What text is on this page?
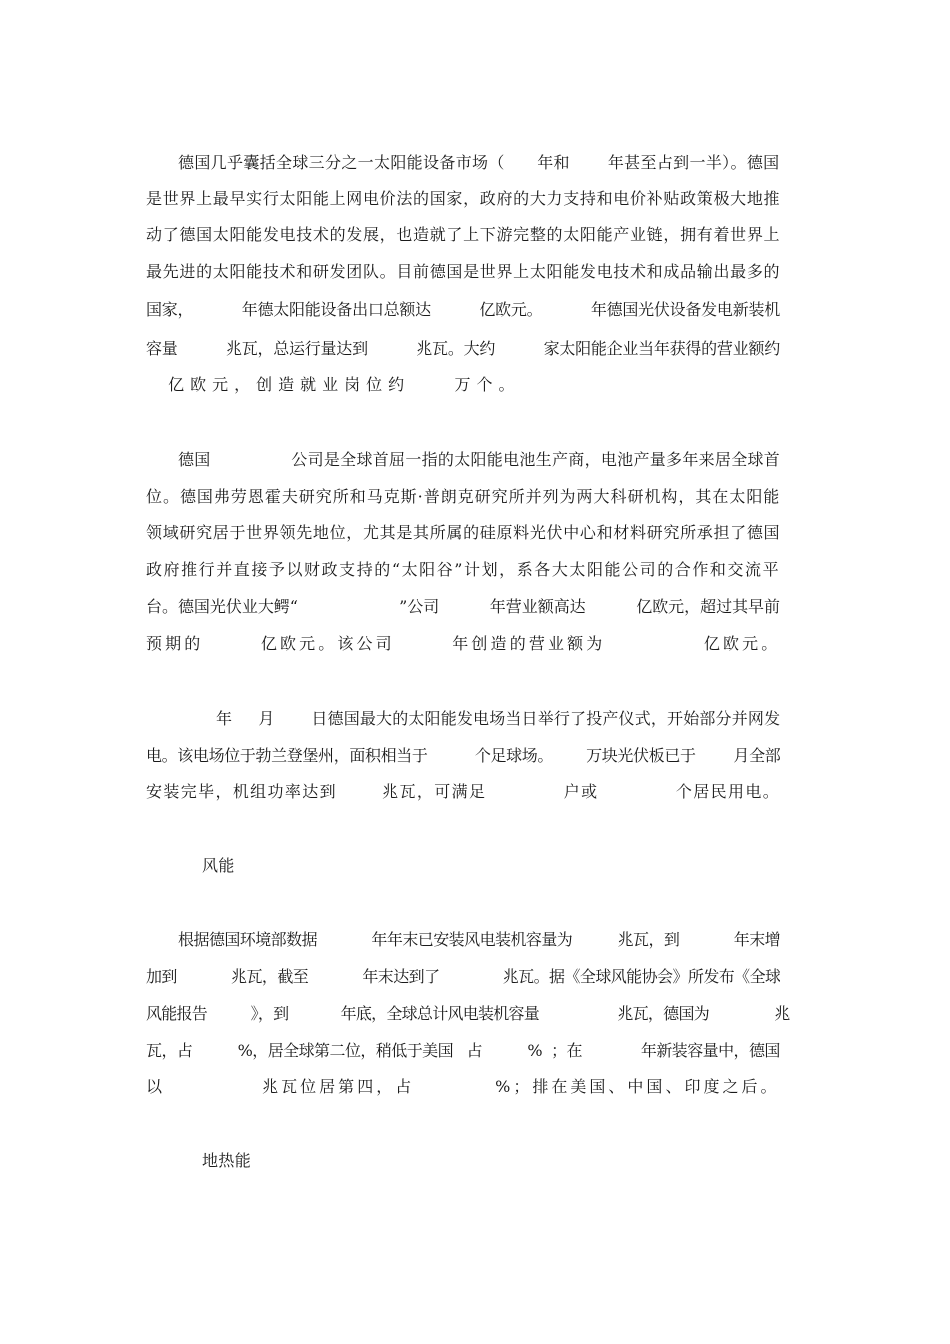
德国几乎囊括全球三分之一太阳能设备市场（      年和       年甚至占到一半）。德国
是世界上最早实行太阳能上网电价法的国家，政府的大力支持和电价补贴政策极大地推
动了德国太阳能发电技术的发展，也造就了上下游完整的太阳能产业链，拥有着世界上
最先进的太阳能技术和研发团队。目前德国是世界上太阳能发电技术和成品输出最多的
国家，          年德太阳能设备出口总额达          亿欧元。          年德国光伏设备发电新装机
容量          兆瓦，总运行量达到          兆瓦。大约          家太阳能企业当年获得的营业额约
亿欧元，创造就业岗位约    万个。
德国               公司是全球首屈一指的太阳能电池生产商，电池产量多年来居全球首
位。德国弗劳恩霍夫研究所和马克斯·普朗克研究所并列为两大科研机构，其在太阳能
领域研究居于世界领先地位，尤其是其所属的硅原料光伏中心和材料研究所承担了德国
政府推行并直接予以财政支持的“太阳谷”计划，系各大太阳能公司的合作和交流平
台。德国光伏业大鳄“                    ”公司          年营业额高达          亿欧元，超过其早前
预期的       亿欧元。该公司       年创造的营业额为            亿欧元。
年     月       日德国最大的太阳能发电场当日举行了投产仪式，开始部分并网发
电。该电场位于勃兰登堡州，面积相当于          个足球场。       万块光伏板已于        月全部
安装完毕，机组功率达到       兆瓦，可满足            户或            个居民用电。
风能
根据德国环境部数据            年年末已安装风电装机容量为          兆瓦，到            年末增
加到            兆瓦，截至            年末达到了              兆瓦。据《全球风能协会》所发布《全球
风能报告          》，到            年底，全球总计风电装机容量                  兆瓦，德国为               兆
瓦，占          %，居全球第二位，稍低于美国   占          %  ；在             年新装容量中，德国
以            兆瓦位居第四，占          %；排在美国、中国、印度之后。
地热能
